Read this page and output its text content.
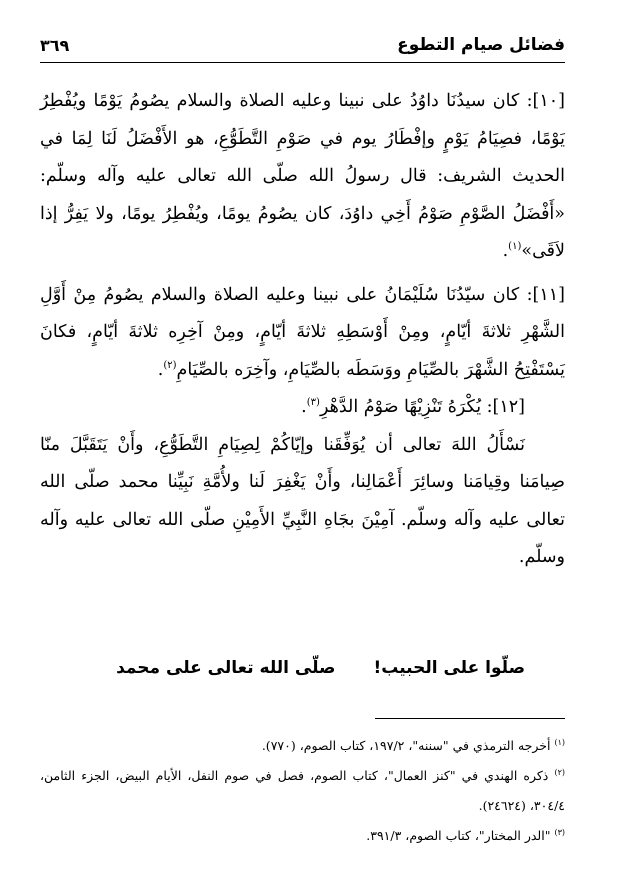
فضائل صيام التطوع
٣٦٩

[١٠]: كان سيدُنَا داوُدُ على نبينا وعليه الصلاة والسلام يصُومُ يَوْمًا ويُفْطِرُ يَوْمًا، فصِيَامُ يَوْمٍ وإفْطَارُ يوم في صَوْمِ التَّطَوُّعِ، هو الأَفْضَلُ لَنَا لِمَا في الحديث الشريف: قال رسولُ الله صلّى الله تعالى عليه وآله وسلّم: «أَفْضَلُ الصَّوْمِ صَوْمُ أَخِي داوُدَ، كان يصُومُ يومًا، ويُفْطِرُ يومًا، ولا يَفِرُّ إذا لاَقَى»$^{(١)}$.

[١١]: كان سيّدُنَا سُلَيْمَانُ على نبينا وعليه الصلاة والسلام يصُومُ مِنْ أَوَّلِ الشَّهْرِ ثلاثةَ أيّامٍ، ومِنْ أَوْسَطِهِ ثلاثةَ أيّامٍ، ومِنْ آخِرِه ثلاثةَ أيّامٍ، فكانَ يَسْتَفْتِحُ الشَّهْرَ بالصِّيَامِ ووَسَطَه بالصِّيَامِ، وآخِرَه بالصِّيَامِ$^{(٢)}$.

[١٢]: يُكْرَهُ تَنْزِيْهًا صَوْمُ الدَّهْرِ$^{(٣)}$.

نَسْأَلُ اللهَ تعالى أن يُوَفِّقَنا وإيّاكُمْ لِصِيَامِ التَّطَوُّعِ، وأَنْ يَتَقَبَّلَ منّا صِيامَنا وقِيامَنا وسائِرَ أَعْمَالِنا، وأَنْ يَغْفِرَ لَنا ولأُمَّةِ نَبِيِّنا محمد صلّى الله تعالى عليه وآله وسلّم. آمِيْنَ بجَاهِ النَّبِيِّ الأَمِيْنِ صلّى الله تعالى عليه وآله وسلّم.

صلّوا على الحبيب!صلّى الله تعالى على محمد

$^{(١)}$ أخرجه الترمذي في "سننه"، ١٩٧/٢، كتاب الصوم، (٧٧٠).

$^{(٢)}$ ذكره الهندي في "كنز العمال"، كتاب الصوم، فصل في صوم النفل، الأيام البيض، الجزء الثامن، ٣٠٤/٤، (٢٤٦٢٤).

$^{(٣)}$ "الدر المختار"، كتاب الصوم، ٣٩١/٣.
